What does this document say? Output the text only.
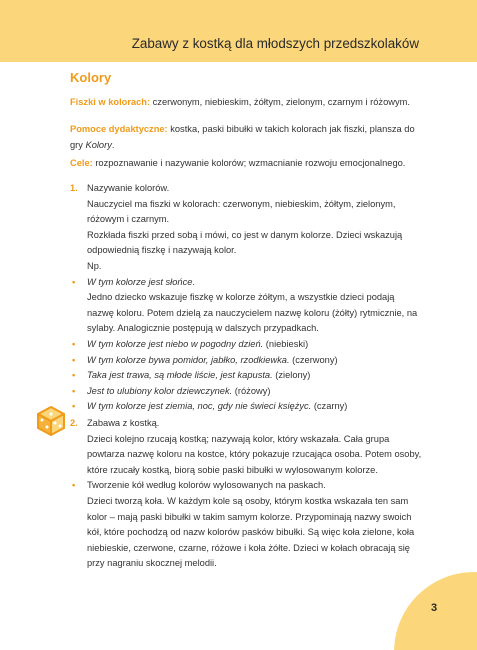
Zabawy z kostką dla młodszych przedszkolaków
Kolory
Fiszki w kolorach: czerwonym, niebieskim, żółtym, zielonym, czarnym i różowym.
Pomoce dydaktyczne: kostka, paski bibułki w takich kolorach jak fiszki, plansza do gry Kolory.
Cele: rozpoznawanie i nazywanie kolorów; wzmacnianie rozwoju emocjonalnego.
1. Nazywanie kolorów.
Nauczyciel ma fiszki w kolorach: czerwonym, niebieskim, żółtym, zielonym, różowym i czarnym.
Rozkłada fiszki przed sobą i mówi, co jest w danym kolorze. Dzieci wskazują odpowiednią fiszkę i nazywają kolor.
Np.
• W tym kolorze jest słońce.
Jedno dziecko wskazuje fiszkę w kolorze żółtym, a wszystkie dzieci podają nazwę koloru. Potem dzielą za nauczycielem nazwę koloru (żółty) rytmicznie, na sylaby. Analogicznie postępują w dalszych przypadkach.
• W tym kolorze jest niebo w pogodny dzień. (niebieski)
• W tym kolorze bywa pomidor, jabłko, rzodkiewka. (czerwony)
• Taka jest trawa, są młode liście, jest kapusta. (zielony)
• Jest to ulubiony kolor dziewczynek. (różowy)
• W tym kolorze jest ziemia, noc, gdy nie świeci księżyc. (czarny)
2. Zabawa z kostką.
Dzieci kolejno rzucają kostką; nazywają kolor, który wskazała. Cała grupa powtarza nazwę koloru na kostce, który pokazuje rzucająca osoba. Potem osoby, które rzucały kostką, biorą sobie paski bibułki w wylosowanym kolorze.
• Tworzenie kół według kolorów wylosowanych na paskach.
Dzieci tworzą koła. W każdym kole są osoby, którym kostka wskazała ten sam kolor – mają paski bibułki w takim samym kolorze. Przypominają nazwy swoich kół, które pochodzą od nazw kolorów pasków bibułki. Są więc koła zielone, koła niebieskie, czerwone, czarne, różowe i koła żółte. Dzieci w kołach obracają się przy nagraniu skocznej melodii.
3
